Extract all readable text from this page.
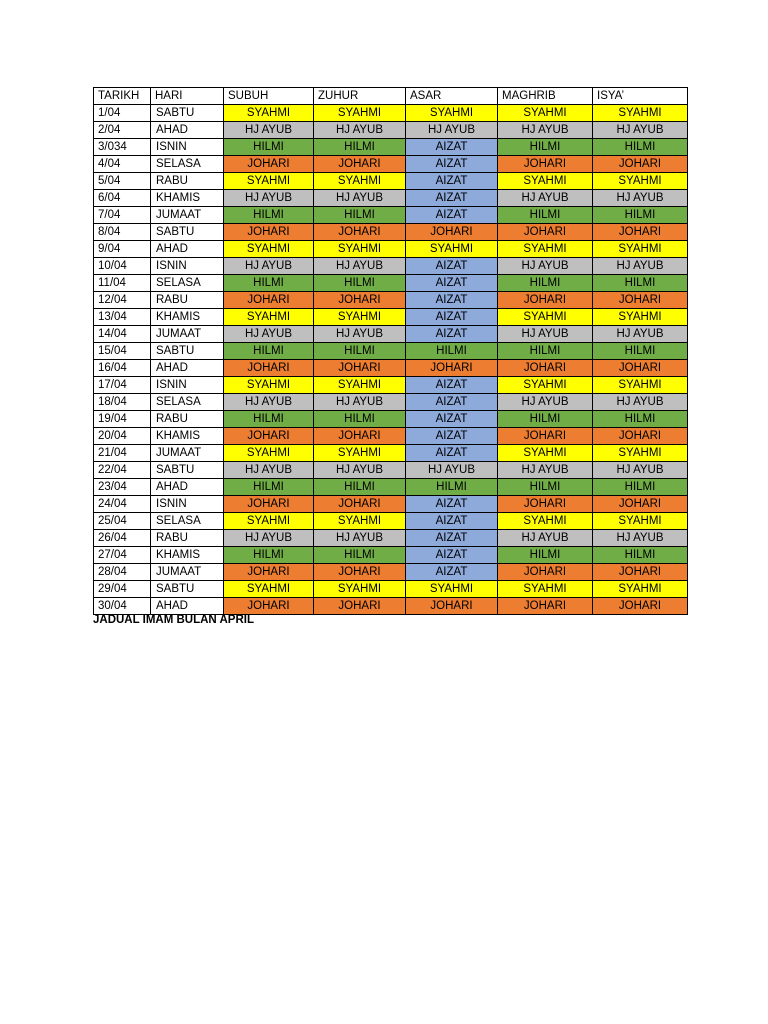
TARIKH	HARI	SUBUH	ZUHUR	ASAR	MAGHRIB	ISYA’
1/04	SABTU	SYAHMI	SYAHMI	SYAHMI	SYAHMI	SYAHMI
2/04	AHAD	HJ AYUB	HJ AYUB	HJ AYUB	HJ AYUB	HJ AYUB
3/034	ISNIN	HILMI	HILMI	AIZAT	HILMI	HILMI
4/04	SELASA	JOHARI	JOHARI	AIZAT	JOHARI	JOHARI
5/04	RABU	SYAHMI	SYAHMI	AIZAT	SYAHMI	SYAHMI
6/04	KHAMIS	HJ AYUB	HJ AYUB	AIZAT	HJ AYUB	HJ AYUB
7/04	JUMAAT	HILMI	HILMI	AIZAT	HILMI	HILMI
8/04	SABTU	JOHARI	JOHARI	JOHARI	JOHARI	JOHARI
9/04	AHAD	SYAHMI	SYAHMI	SYAHMI	SYAHMI	SYAHMI
10/04	ISNIN	HJ AYUB	HJ AYUB	AIZAT	HJ AYUB	HJ AYUB
11/04	SELASA	HILMI	HILMI	AIZAT	HILMI	HILMI
12/04	RABU	JOHARI	JOHARI	AIZAT	JOHARI	JOHARI
13/04	KHAMIS	SYAHMI	SYAHMI	AIZAT	SYAHMI	SYAHMI
14/04	JUMAAT	HJ AYUB	HJ AYUB	AIZAT	HJ AYUB	HJ AYUB
15/04	SABTU	HILMI	HILMI	HILMI	HILMI	HILMI
16/04	AHAD	JOHARI	JOHARI	JOHARI	JOHARI	JOHARI
17/04	ISNIN	SYAHMI	SYAHMI	AIZAT	SYAHMI	SYAHMI
18/04	SELASA	HJ AYUB	HJ AYUB	AIZAT	HJ AYUB	HJ AYUB
19/04	RABU	HILMI	HILMI	AIZAT	HILMI	HILMI
20/04	KHAMIS	JOHARI	JOHARI	AIZAT	JOHARI	JOHARI
21/04	JUMAAT	SYAHMI	SYAHMI	AIZAT	SYAHMI	SYAHMI
22/04	SABTU	HJ AYUB	HJ AYUB	HJ AYUB	HJ AYUB	HJ AYUB
23/04	AHAD	HILMI	HILMI	HILMI	HILMI	HILMI
24/04	ISNIN	JOHARI	JOHARI	AIZAT	JOHARI	JOHARI
25/04	SELASA	SYAHMI	SYAHMI	AIZAT	SYAHMI	SYAHMI
26/04	RABU	HJ AYUB	HJ AYUB	AIZAT	HJ AYUB	HJ AYUB
27/04	KHAMIS	HILMI	HILMI	AIZAT	HILMI	HILMI
28/04	JUMAAT	JOHARI	JOHARI	AIZAT	JOHARI	JOHARI
29/04	SABTU	SYAHMI	SYAHMI	SYAHMI	SYAHMI	SYAHMI
30/04	AHAD	JOHARI	JOHARI	JOHARI	JOHARI	JOHARI
JADUAL IMAM BULAN APRIL
